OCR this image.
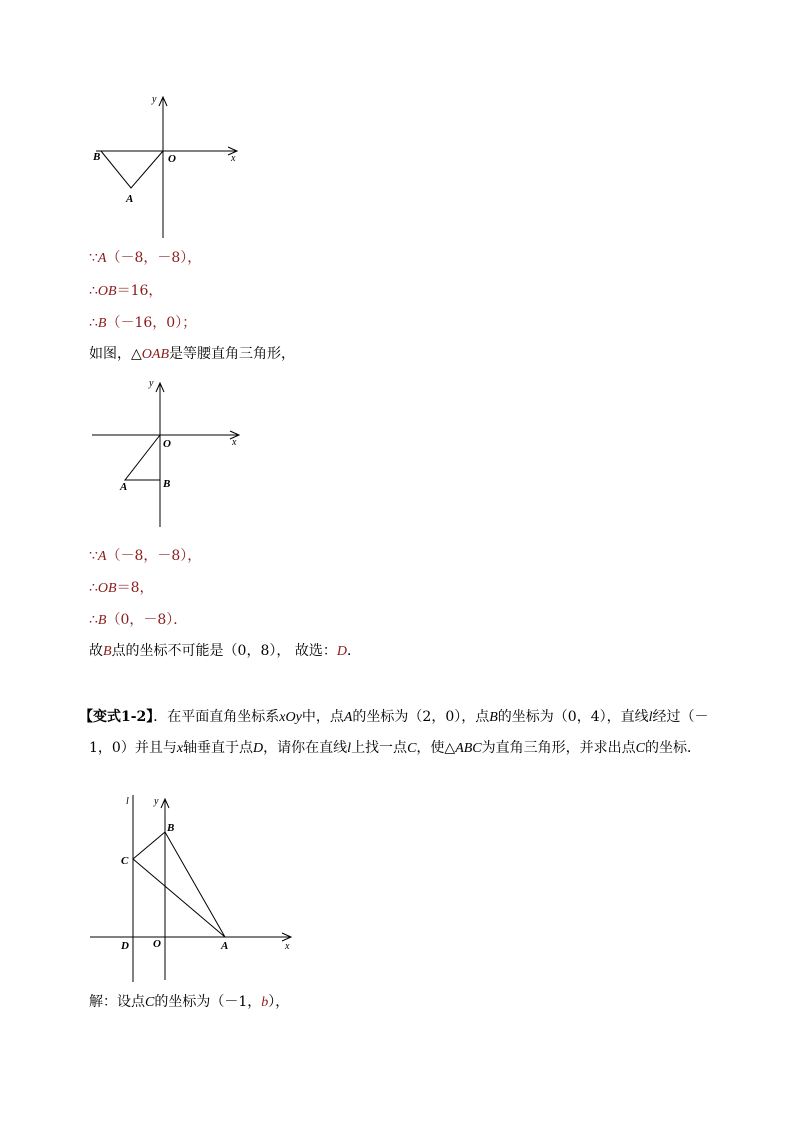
y
x
B	O
A
∵A（－8，－8），
∴OB＝16，
∴B（－16，0）；
如图，△OAB是等腰直角三角形，
y
x
O
A	B
∵A（－8，－8），
∴OB＝8，
∴B（0，－8）．
故B点的坐标不可能是（0，8）， 故选：D．
【变式1-2】．在平面直角坐标系xOy中，点A的坐标为（2，0），点B的坐标为（0，4），直线l经过（－1，0）并且与x轴垂直于点D，请你在直线l上找一点C，使△ABC为直角三角形，并求出点C的坐标．
l	y
B
C
D O	A	x
解：设点C的坐标为（－1，b），
